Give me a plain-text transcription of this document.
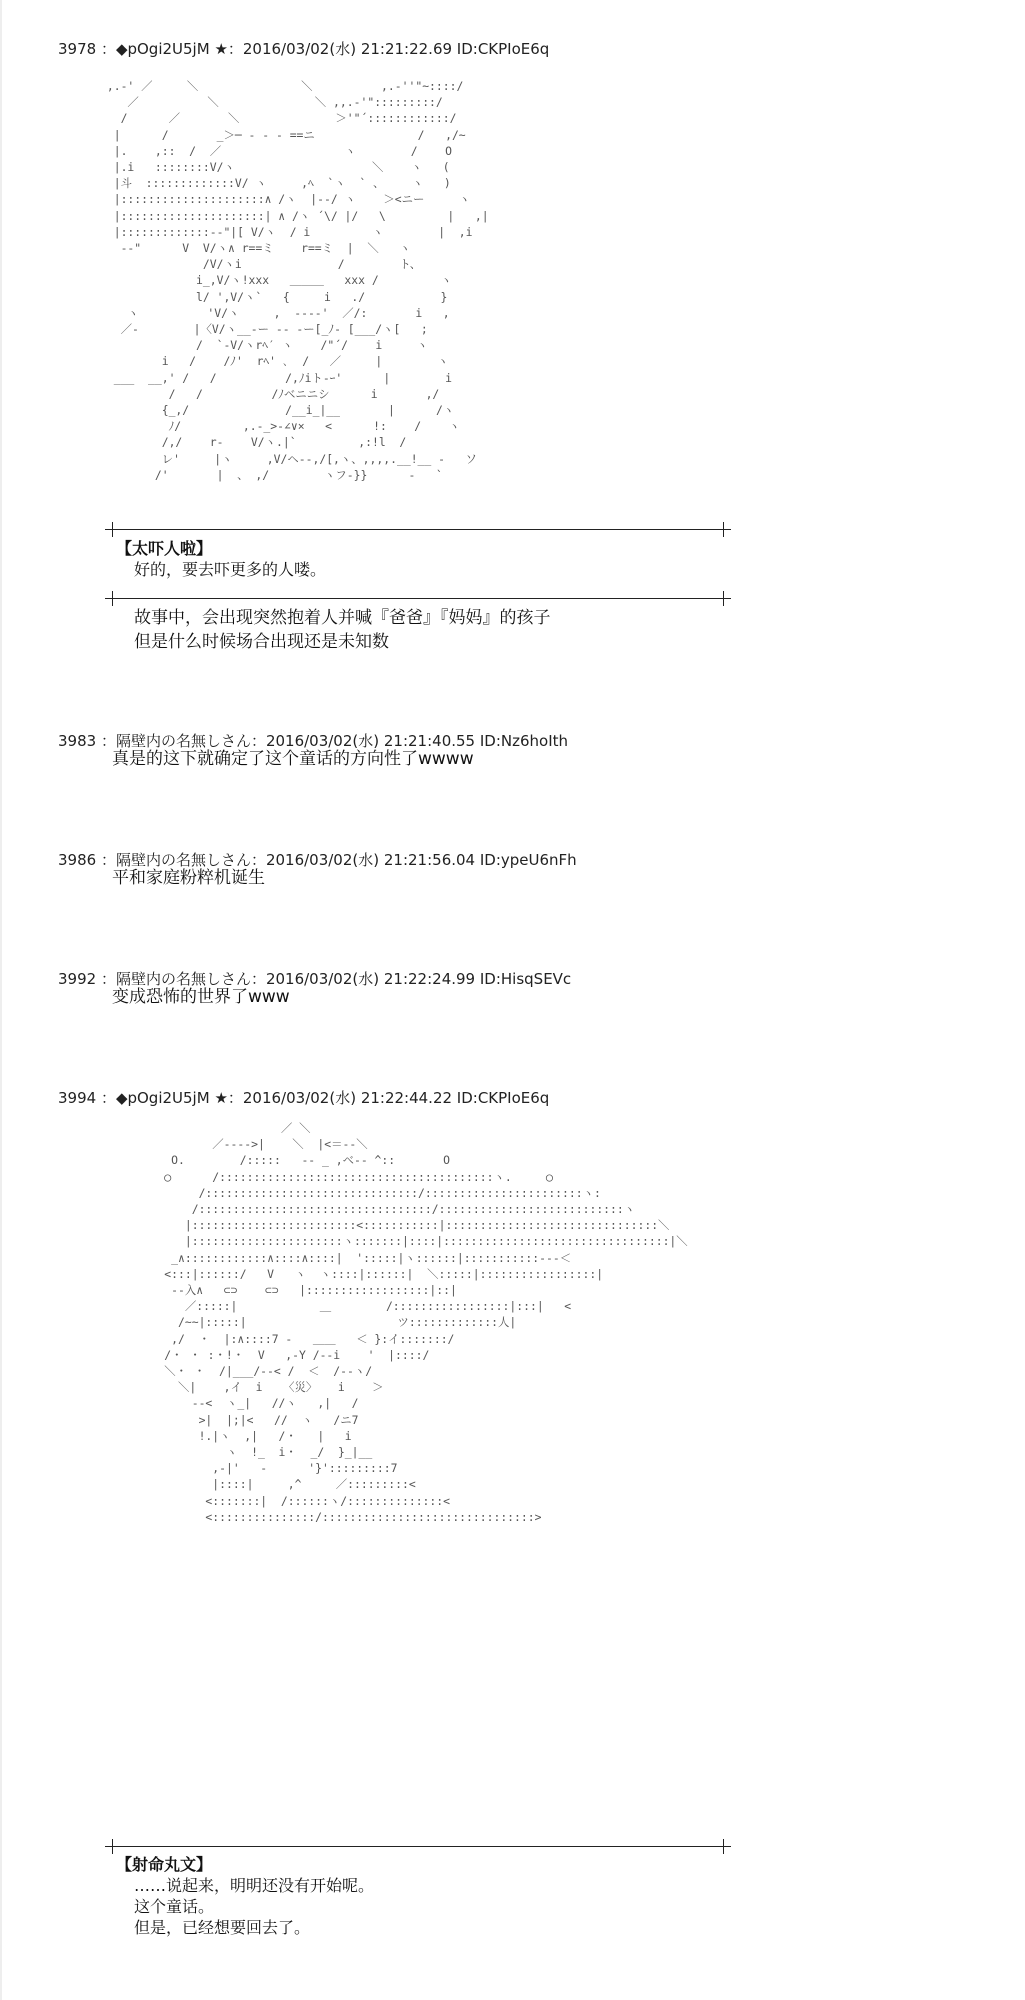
3978 ：◆pOgi2U5jM ★：2016/03/02(水) 21:21:22.69 ID:CKPIoE6q
,.-' ／     ＼               ＼          ,.-''"~::::/
／          ＼              ＼ ,,.-'":::::::::/
/      ／       ＼              ＞'"´::::::::::::/
|      /       _＞─ ‐ ‐ ‐ ==ニ               /   ,/~
|.    ,::  /  ／                  ヽ        /    O
|.i   ::::::::V/ヽ                    ＼    ヽ   (
|斗  :::::::::::::V/ ヽ     ,ﾍ  `ヽ  ` 、    ヽ   )
|:::::::::::::::::::::∧ /ヽ  |--/ ヽ    ＞<ニー     ヽ
|:::::::::::::::::::::| ∧ /ヽ ´\/ |/   \         |   ,|
|:::::::::::::-‐"|[ V/ヽ  / i         ヽ        |  ,i
-‐"      V  V/ヽ∧ r==ミ    r==ミ  |  ＼   ヽ
/V/ヽi              /        ト、
i_,V/ヽ!xxx   ＿＿＿   xxx /         ヽ
l/ ',V/ヽ`   {     i   ./           }
ヽ          'V/ヽ     ,  ‐‐‐‐'  ／/:       i   ,
／‐        |〈V/ヽ__‐ー ‐‐ ‐ー[_ﾉ- [___/ヽ[   ;
/  `‐V/ヽrﾍ′ ヽ    /"´/    i     ヽ
i   /    /ﾉ'  rﾍ' ､  /   ／     |        ヽ
___  __,' /   /          /,ﾉiト-ｰ'      |        i
/   /          /ﾉベニニシ      i       ,/
{_,/              /__i_|__       |      /ヽ
ﾉ/         ,.-_>‐∠∨×   <      !:    /    ヽ
/,/    r‐    V/ヽ.|`         ,:!l  /
レ'     |ヽ     ,V/ヘ‐-,/[,ヽ、,,,,.__!__ -   ソ
/'       |  、 ,/        ヽフ‐}}      ‐   `

【太吓人啦】
好的，要去吓更多的人喽。
故事中，会出现突然抱着人并喊『爸爸』『妈妈』的孩子
但是什么时候场合出现还是未知数
3983 ：隔壁内の名無しさん：2016/03/02(水) 21:21:40.55 ID:Nz6hoIth
真是的这下就确定了这个童话的方向性了wwww
3986 ：隔壁内の名無しさん：2016/03/02(水) 21:21:56.04 ID:ypeU6nFh
平和家庭粉粹机诞生
3992 ：隔壁内の名無しさん：2016/03/02(水) 21:22:24.99 ID:HisqSEVc
变成恐怖的世界了www
3994 ：◆pOgi2U5jM ★：2016/03/02(水) 21:22:44.22 ID:CKPIoE6q
／ ＼
／‐‐‐‐>|    ＼  |<＝‐‐＼
O.        /:::::   ‐‐ _ ,ベ‐‐ ^::       O
◯      /::::::::::::::::::::::::::::::::::::::::ヽ.     ◯
/:::::::::::::::::::::::::::::::/:::::::::::::::::::::::ヽ:
/::::::::::::::::::::::::::::::::::/:::::::::::::::::::::::::::ヽ
|::::::::::::::::::::::::<:::::::::::|:::::::::::::::::::::::::::::::＼
|::::::::::::::::::::::ヽ:::::::|::::|:::::::::::::::::::::::::::::::::|＼
_∧::::::::::::∧::::∧::::|  ':::::|ヽ::::::|:::::::::::‐‐‐＜
<:::|::::::/   V   ヽ  ヽ::::|::::::|  ＼:::::|:::::::::::::::::|
‐‐入∧   ⊂⊃    ⊂⊃   |::::::::::::::::::|::|
／:::::|            ＿        /:::::::::::::::::|:::|   <
/~~|:::::|                      ツ:::::::::::::人|
,/  ・  |:∧::::7 -   ＿＿   ＜ }:イ:::::::/
/・ ・ :・!・  V   ,‐Y /‐‐i    '  |::::/
＼・ ・  /|___/‐‐< /  ＜  /‐‐ヽ/
＼|    ,イ  i   〈災〉   i    ＞
‐‐<  ヽ_|   //ヽ   ,|   /
>|  |;|<   //  ヽ   /ニ7
!.|ヽ  ,|   /・   |   i
ヽ  !_  i・  _/  }_|__
,‐|'   ‐      '}':::::::::7
|::::|     ,^     ／:::::::::<
<:::::::|  /::::::ヽ/::::::::::::::<
<:::::::::::::::/:::::::::::::::::::::::::::::::>

【射命丸文】
……说起来，明明还没有开始呢。
这个童话。
但是，已经想要回去了。
